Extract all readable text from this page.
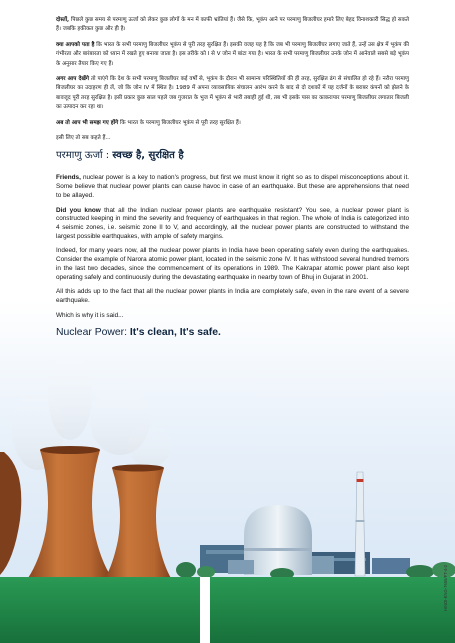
दोस्तों, पिछले कुछ समय से परमाणु ऊर्जा को लेकर कुछ लोगों के मन में काफी भ्रांतियां हैं। जैसे कि, भूकंप आने पर परमाणु बिजलीघर हमारे लिए बेहद विनाशकारी सिद्ध हो सकते हैं। जबकि हकीकत कुछ और ही है।

क्या आपको पता है कि भारत के सभी परमाणु बिजलीघर भूकंप से पूरी तरह सुरक्षित हैं। इसकी वजह यह है कि जब भी परमाणु बिजलीघर लगाए जाते हैं, उन्हें उस क्षेत्र में भूकंप की गंभीरता और बारंबारता को ध्यान में रखते हुए बनाया जाता है। इस तरीके को I से V जोन में बांटा गया है। भारत के सभी परमाणु बिजलीघर उनके जोन में आनेवाले सबसे बड़े भूकंप के अनुसार तैयार किए गए हैं।

अगर आप देखेंगे तो पाएंगे कि देश के सभी परमाणु बिजलीघर कई वर्षों से, भूकंप के दौरान भी सामान्य परिस्थितियों की ही तरह, सुरक्षित ढंग से संचालित हो रहे हैं। नरौरा परमाणु बिजलीघर का उदाहरण ही लें, जो कि जोन IV में स्थित है। 1989 में अपना व्यावसायिक संचालन आरंभ करने के बाद से दो दशकों में यह दर्जनों के बराबर कंपनों को झेलने के बावजूद पूरी तरह सुरक्षित है। इसी प्रकार कुछ साल पहले जब गुजरात के भुज में भूकंप से भारी तबाही हुई थी, तब भी इसके पास का काकरापार परमाणु बिजलीघर लगातार बिजली का उत्पादन कर रहा था।

अब तो आप भी समझ गए होंगे कि भारत के परमाणु बिजलीघर भूकंप से पूरी तरह सुरक्षित हैं।

इसी लिए तो सब कहते हैं...

परमाणु ऊर्जा : स्वच्छ है, सुरक्षित है

Friends, nuclear power is a key to nation's progress, but first we must know it right so as to dispel misconceptions about it. Some believe that nuclear power plants can cause havoc in case of an earthquake. But these are apprehensions that need to be allayed.

Did you know that all the Indian nuclear power plants are earthquake resistant? You see, a nuclear power plant is constructed keeping in mind the severity and frequency of earthquakes in that region. The whole of India is categorized into 4 seismic zones, i.e. seismic zone II to V, and accordingly, all the nuclear power plants are constructed to withstand the largest possible earthquakes, with ample of safety margins.

Indeed, for many years now, all the nuclear power plants in India have been operating safely even during the earthquakes. Consider the example of Narora atomic power plant, located in the seismic zone IV. It has withstood several hundred tremors in the last two decades, since the commencement of its operations in 1989. The Kakrapar atomic power plant also kept operating safely and continuously during the devastating earthquake in nearby town of Bhuj in Gujarat in 2001.

All this adds up to the fact that all the nuclear power plants in India are completely safe, even in the rare event of a severe earthquake.

Which is why it is said...

Nuclear Power: It's clean, It's safe.
HINDI-ENG-7655/FT-4-2
